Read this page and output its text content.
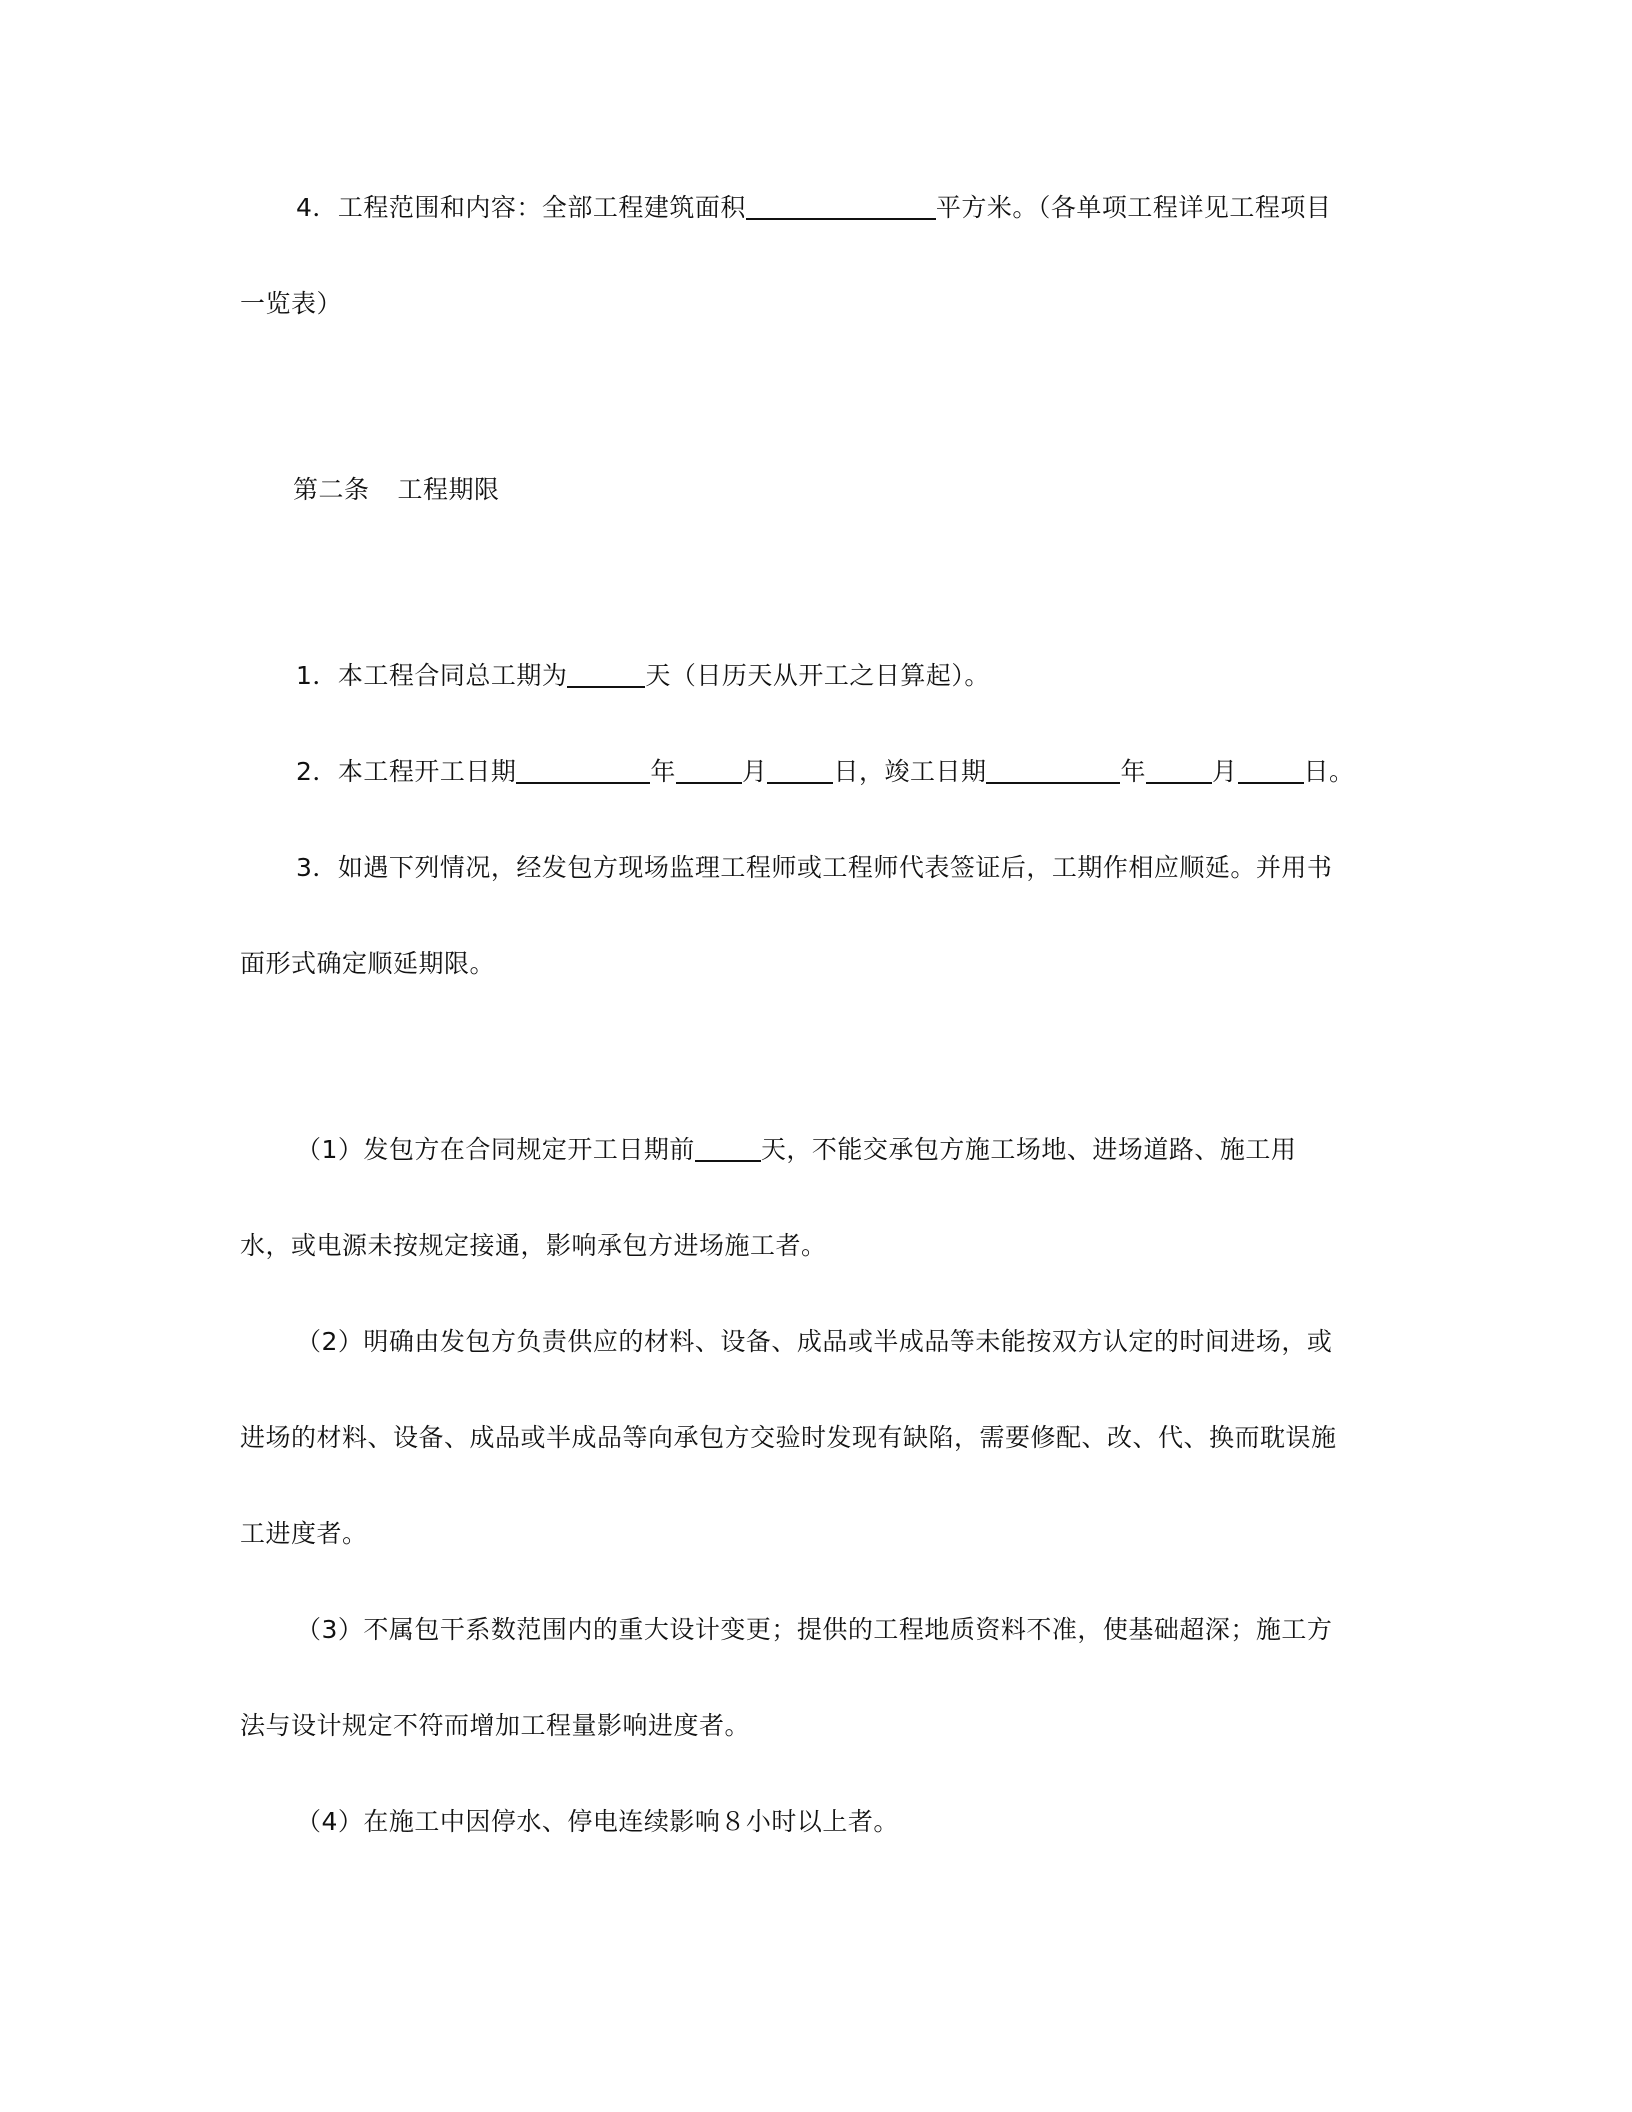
4．工程范围和内容：全部工程建筑面积	平方米。（各单项工程详见工程项目
一览表）
第二条 工程期限
1．本工程合同总工期为	天（日历天从开工之日算起）。
2．本工程开工日期	年	月	日，竣工日期	年	月	日。
3．如遇下列情况，经发包方现场监理工程师或工程师代表签证后，工期作相应顺延。并用书
面形式确定顺延期限。
（1）发包方在合同规定开工日期前	天，不能交承包方施工场地、进场道路、施工用
水，或电源未按规定接通，影响承包方进场施工者。
（2）明确由发包方负责供应的材料、设备、成品或半成品等未能按双方认定的时间进场，或
进场的材料、设备、成品或半成品等向承包方交验时发现有缺陷，需要修配、改、代、换而耽误施
工进度者。
（3）不属包干系数范围内的重大设计变更；提供的工程地质资料不准，使基础超深；施工方
法与设计规定不符而增加工程量影响进度者。
（4）在施工中因停水、停电连续影响８小时以上者。
